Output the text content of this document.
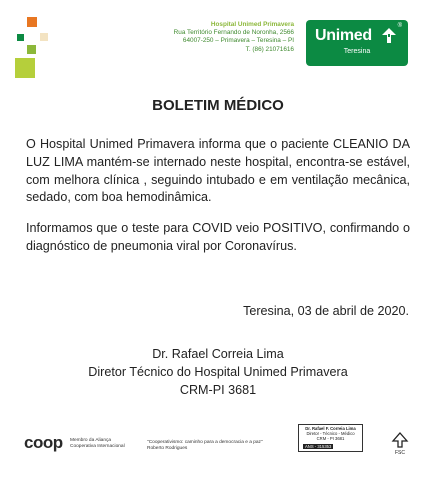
Hospital Unimed Primavera
Rua Território Fernando de Noronha, 2566
64007-250 – Primavera – Teresina – PI
T. (86) 21071616
Unimed
®
Teresina
BOLETIM MÉDICO

O Hospital Unimed Primavera informa que o paciente CLEANIO DA LUZ LIMA mantém-se internado neste hospital, encontra-se estável, com melhora clínica , seguindo intubado e em ventilação mecânica, sedado, com boa hemodinâmica.

Informamos que o teste para COVID veio POSITIVO, confirmando o diagnóstico de pneumonia viral por Coronavírus.

Teresina, 03 de abril de 2020.
Dr. Rafael Correia Lima
Diretor Técnico do Hospital Unimed Primavera
CRM-PI 3681
coop Membro da Aliança
Cooperativa Internacional
"Cooperativismo: caminho para a democracia e a paz"
Roberto Rodrigues
Dr. Rafael F. Correia Lima
Diretor - Técnico - Médico
CRM - PI 3681
ANS - 315353
FSC
